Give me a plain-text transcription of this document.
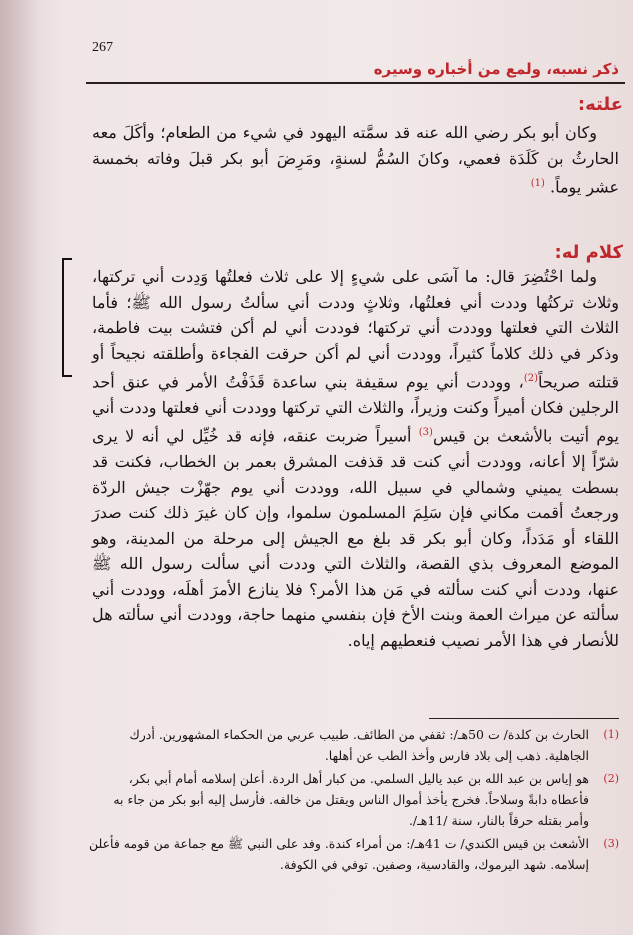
267
ذكر نسبه، ولمع من أخباره وسيره
علته:

وكان أبو بكر رضي الله عنه قد سمَّته اليهود في شيء من الطعام؛ وأكَلَ معه الحارثُ بن كَلَدَة فعمي، وكانَ السُمُّ لسنةٍ، ومَرِضَ أبو بكر قبلَ وفاته بخمسة عشر يوماً. $^{(1)}$

كلام له:

ولما احْتُضِرَ قال: ما آسَى على شيءٍ إلا على ثلاث فعلتُها وَدِدت أني تركتها، وثلاث تركتُها وددت أني فعلتُها، وثلاثٍ وددت أني سألتُ رسول الله ﷺ؛ فأما الثلاث التي فعلتها ووددت أني تركتها؛ فوددت أني لم أكن فتشت بيت فاطمة، وذكر في ذلك كلاماً كثيراً، ووددت أني لم أكن حرقت الفجاءة وأطلقته نجيحاً أو قتلته صريحاً$^{(2)}$، ووددت أني يوم سقيفة بني ساعدة قَذَفْتُ الأمر في عنق أحد الرجلين فكان أميراً وكنت وزيراً، والثلاث التي تركتها ووددت أني فعلتها وددت أني يوم أتيت بالأشعث بن قيس$^{(3)}$ أسيراً ضربت عنقه، فإنه قد خُيِّل لي أنه لا يرى شرّاً إلا أعانه، ووددت أني كنت قد قذفت المشرق بعمر بن الخطاب، فكنت قد بسطت يميني وشمالي في سبيل الله، ووددت أني يوم جهّزْت جيش الردّة ورجعتُ أقمت مكاني فإن سَلِمَ المسلمون سلموا، وإن كان غيرَ ذلك كنت صدرَ اللقاء أو مَدَداً، وكان أبو بكر قد بلغ مع الجيش إلى مرحلة من المدينة، وهو الموضع المعروف بذي القصة، والثلاث التي وددت أني سألت رسول الله ﷺ عنها، وددت أني كنت سألته في مَن هذا الأمر؟ فلا ينازع الأمرَ أهلَه، ووددت أني سألته عن ميراث العمة وبنت الأخ فإن بنفسي منهما حاجة، ووددت أني سألته هل للأنصار في هذا الأمر نصيب فنعطيهم إياه.

(1)
الحارث بن كلدة/ ت 50هـ/: ثقفي من الطائف. طبيب عربي من الحكماء المشهورين. أدرك الجاهلية. ذهب إلى بلاد فارس وأخذ الطب عن أهلها.
(2)
هو إياس بن عبد الله بن عبد ياليل السلمي. من كبار أهل الردة. أعلن إسلامه أمام أبي بكر، فأعطاه دابةً وسلاحاً. فخرج يأخذ أموال الناس ويقتل من خالفه. فأرسل إليه أبو بكر من جاء به وأمر بقتله حرقاً بالنار، سنة /11هـ/.
(3)
الأشعث بن قيس الكندي/ ت 41هـ/: من أمراء كندة. وفد على النبي ﷺ مع جماعة من قومه فأعلن إسلامه. شهد اليرموك، والقادسية، وصفين. توفي في الكوفة.
